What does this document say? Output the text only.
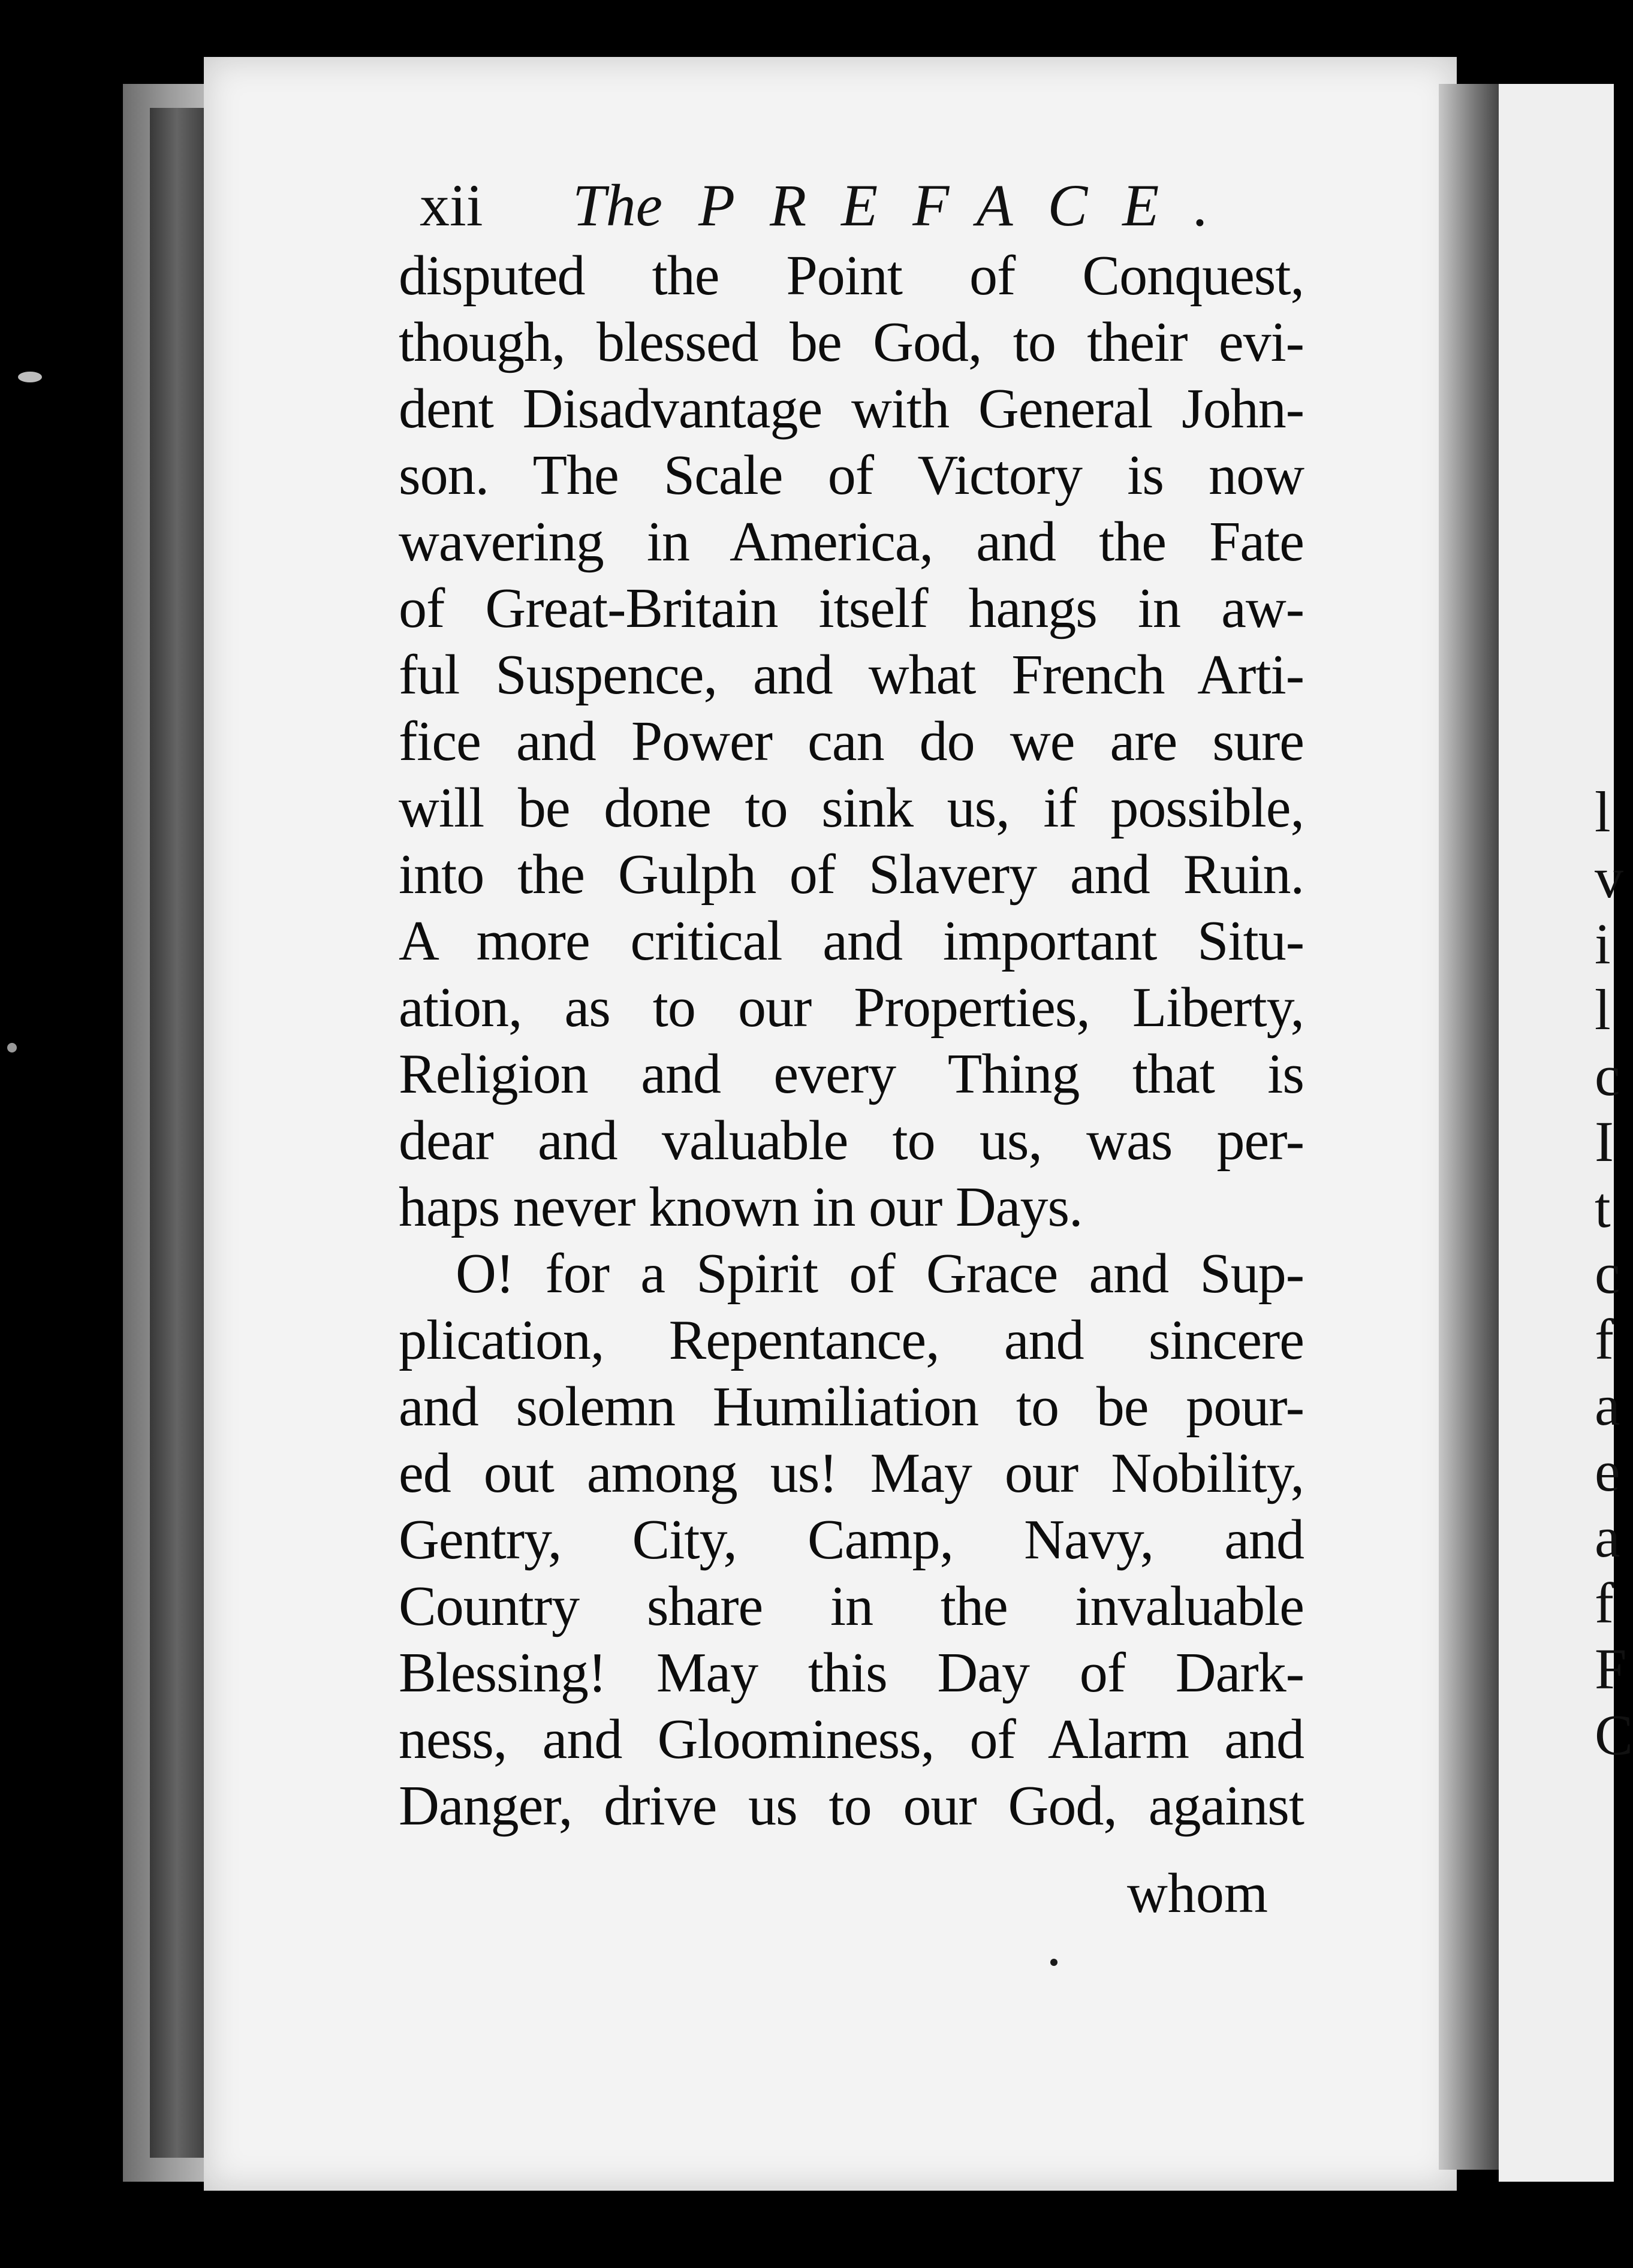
l
v
i
l
c
I
t
c
f
a
e
a
f
F
C
xii The PREFACE.
disputed the Point of Conquest,
though, blessed be God, to their evi-
dent Disadvantage with General John-
son. The Scale of Victory is now
wavering in America, and the Fate
of Great-Britain itself hangs in aw-
ful Suspence, and what French Arti-
fice and Power can do we are sure
will be done to sink us, if possible,
into the Gulph of Slavery and Ruin.
A more critical and important Situ-
ation, as to our Properties, Liberty,
Religion and every Thing that is
dear and valuable to us, was per-
haps never known in our Days.
O! for a Spirit of Grace and Sup-
plication, Repentance, and sincere
and solemn Humiliation to be pour-
ed out among us! May our Nobility,
Gentry, City, Camp, Navy, and
Country share in the invaluable
Blessing! May this Day of Dark-
ness, and Gloominess, of Alarm and
Danger, drive us to our God, against
whom
